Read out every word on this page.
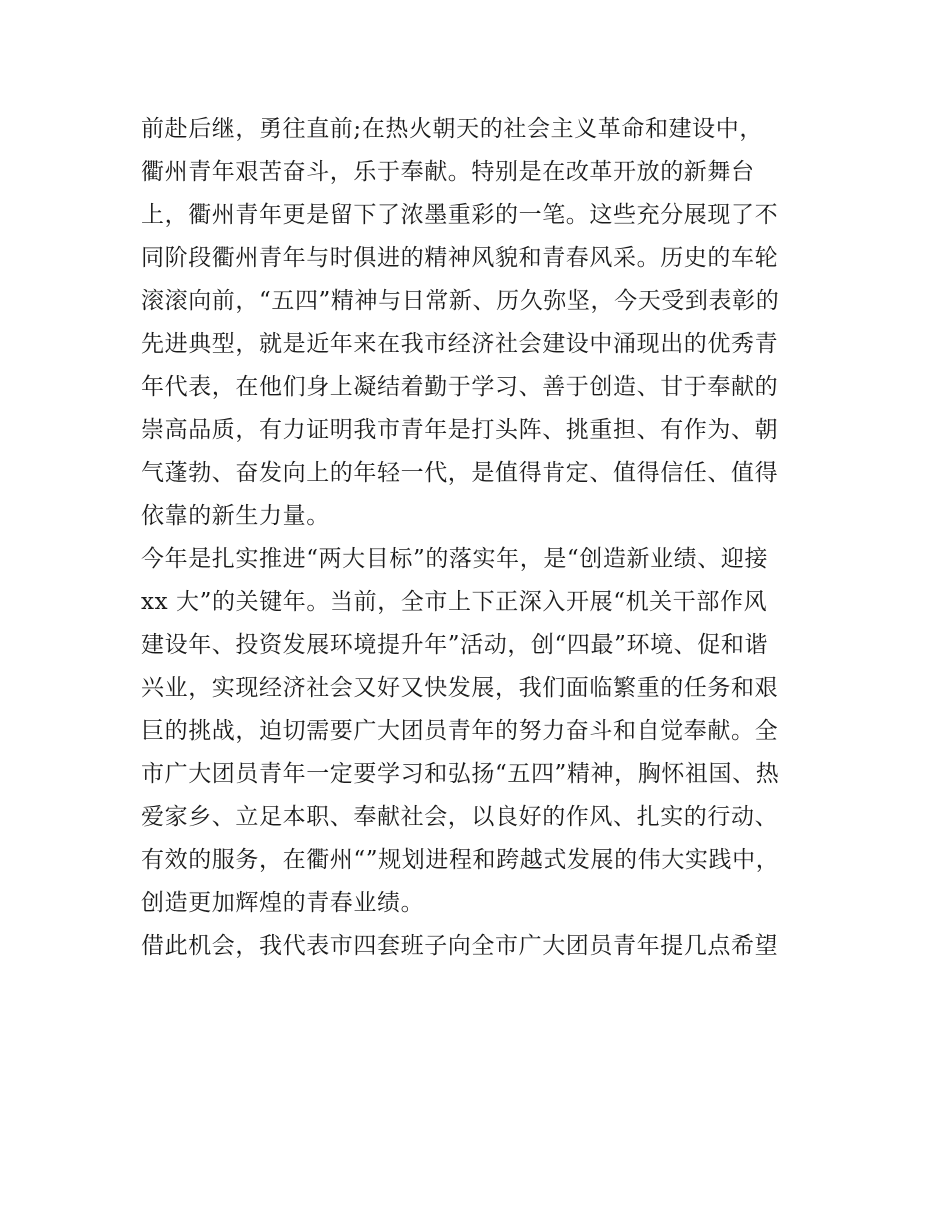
前赴后继，勇往直前;在热火朝天的社会主义革命和建设中，
衢州青年艰苦奋斗，乐于奉献。特别是在改革开放的新舞台
上，衢州青年更是留下了浓墨重彩的一笔。这些充分展现了不
同阶段衢州青年与时俱进的精神风貌和青春风采。历史的车轮
滚滚向前，“五四”精神与日常新、历久弥坚，今天受到表彰的
先进典型，就是近年来在我市经济社会建设中涌现出的优秀青
年代表，在他们身上凝结着勤于学习、善于创造、甘于奉献的
崇高品质，有力证明我市青年是打头阵、挑重担、有作为、朝
气蓬勃、奋发向上的年轻一代，是值得肯定、值得信任、值得
依靠的新生力量。
今年是扎实推进“两大目标”的落实年，是“创造新业绩、迎接
xx 大”的关键年。当前，全市上下正深入开展“机关干部作风
建设年、投资发展环境提升年”活动，创“四最”环境、促和谐
兴业，实现经济社会又好又快发展，我们面临繁重的任务和艰
巨的挑战，迫切需要广大团员青年的努力奋斗和自觉奉献。全
市广大团员青年一定要学习和弘扬“五四”精神，胸怀祖国、热
爱家乡、立足本职、奉献社会，以良好的作风、扎实的行动、
有效的服务，在衢州“”规划进程和跨越式发展的伟大实践中，
创造更加辉煌的青春业绩。
借此机会，我代表市四套班子向全市广大团员青年提几点希望
